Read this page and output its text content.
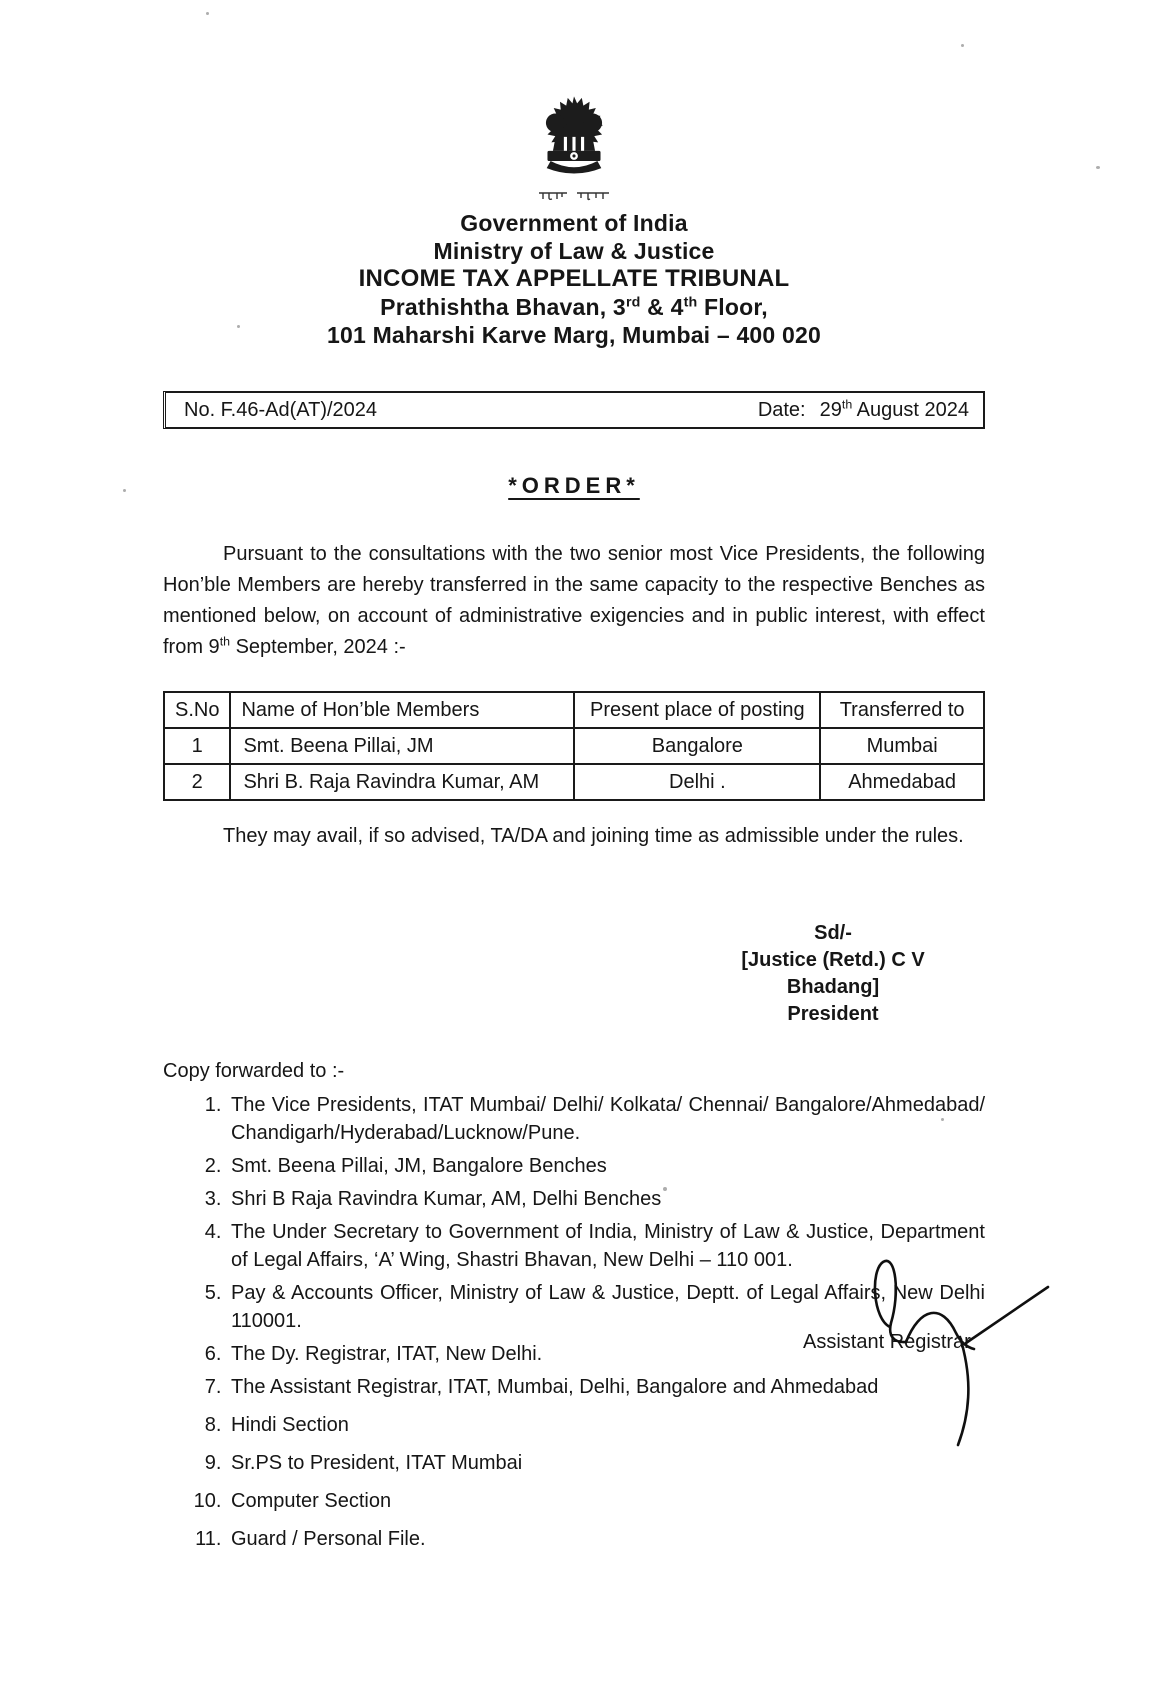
Government of India
Ministry of Law & Justice
INCOME TAX APPELLATE TRIBUNAL
Prathishtha Bhavan, 3rd & 4th Floor,
101 Maharshi Karve Marg, Mumbai – 400 020
No. F.46-Ad(AT)/2024	Date: 29th August 2024
*ORDER*

Pursuant to the consultations with the two senior most Vice Presidents, the following Hon’ble Members are hereby transferred in the same capacity to the respective Benches as mentioned below, on account of administrative exigencies and in public interest, with effect from 9th September, 2024 :-

S.No	Name of Hon’ble Members	Present place of posting	Transferred to
1	Smt. Beena Pillai, JM	Bangalore	Mumbai
2	Shri B. Raja Ravindra Kumar, AM	Delhi .	Ahmedabad

They may avail, if so advised, TA/DA and joining time as admissible under the rules.

Sd/-
[Justice (Retd.) C V Bhadang]
President
Copy forwarded to :-
1. The Vice Presidents, ITAT Mumbai/ Delhi/ Kolkata/ Chennai/ Bangalore/Ahmedabad/ Chandigarh/Hyderabad/Lucknow/Pune.
2. Smt. Beena Pillai, JM, Bangalore Benches
3. Shri B Raja Ravindra Kumar, AM, Delhi Benches
4. The Under Secretary to Government of India, Ministry of Law & Justice, Department of Legal Affairs, ‘A’ Wing, Shastri Bhavan, New Delhi – 110 001.
5. Pay & Accounts Officer, Ministry of Law & Justice, Deptt. of Legal Affairs, New Delhi 110001.
6. The Dy. Registrar, ITAT, New Delhi.
7. The Assistant Registrar, ITAT, Mumbai, Delhi, Bangalore and Ahmedabad
8. Hindi Section
9. Sr.PS to President, ITAT Mumbai
10. Computer Section
11. Guard / Personal File.
Assistant Registrar
